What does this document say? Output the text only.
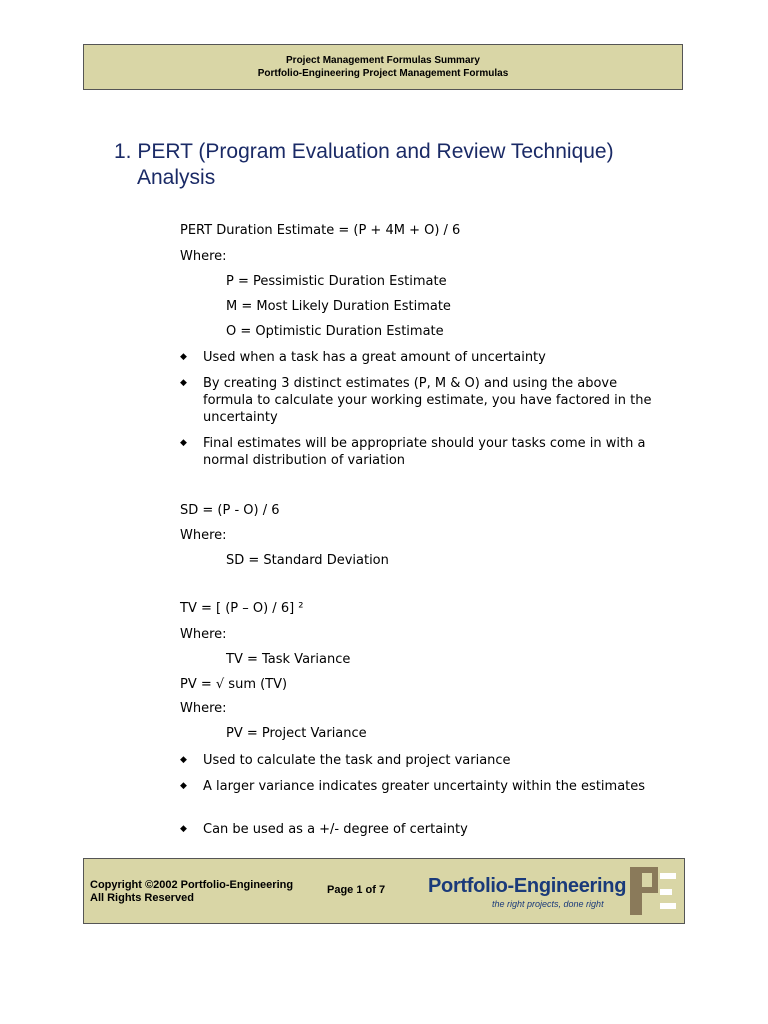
Project Management Formulas Summary
Portfolio-Engineering Project Management Formulas
1. PERT (Program Evaluation and Review Technique)
Analysis
PERT Duration Estimate = (P + 4M + O) / 6
Where:
P = Pessimistic Duration Estimate
M = Most Likely Duration Estimate
O = Optimistic Duration Estimate
◆ Used when a task has a great amount of uncertainty
◆ By creating 3 distinct estimates (P, M & O) and using the above formula to calculate your working estimate, you have factored in the uncertainty
◆ Final estimates will be appropriate should your tasks come in with a normal distribution of variation
SD = (P - O) / 6
Where:
SD = Standard Deviation
TV = [ (P – O) / 6] ²
Where:
TV = Task Variance
PV = √ sum (TV)
Where:
PV = Project Variance
◆ Used to calculate the task and project variance
◆ A larger variance indicates greater uncertainty within the estimates
◆ Can be used as a +/- degree of certainty
Copyright ©2002 Portfolio-Engineering
All Rights Reserved
Page 1 of 7 Portfolio-Engineering
the right projects, done right
